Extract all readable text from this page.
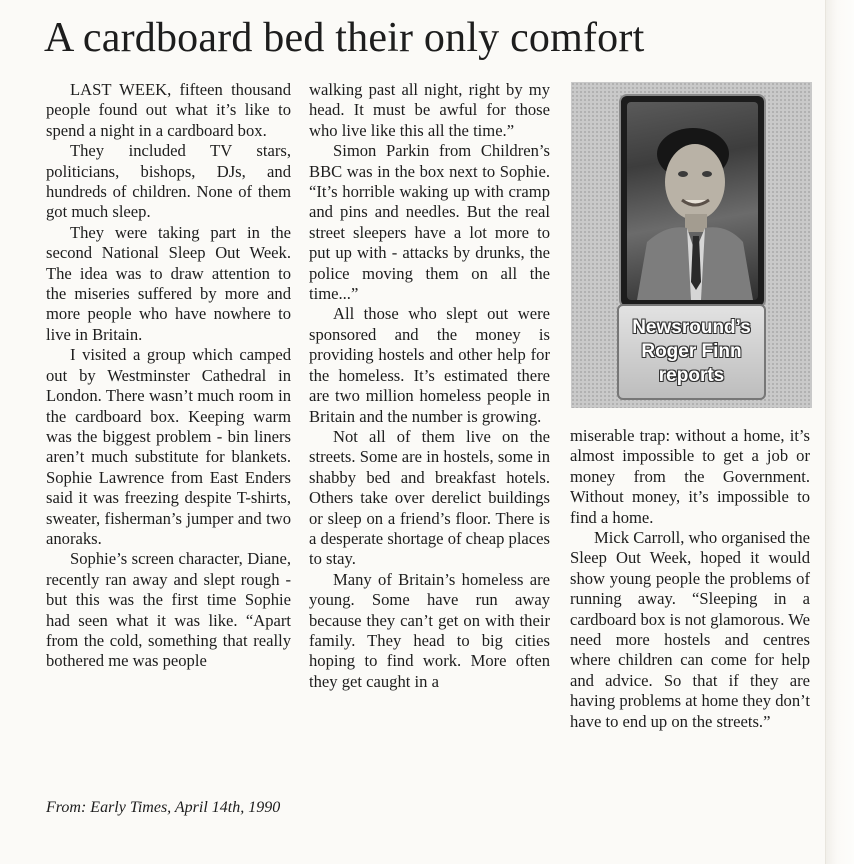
A cardboard bed their only comfort

LAST WEEK, fifteen thousand people found out what it’s like to spend a night in a cardboard box.

They included TV stars, politicians, bishops, DJs, and hundreds of children. None of them got much sleep.

They were taking part in the second National Sleep Out Week. The idea was to draw attention to the miseries suffered by more and more people who have nowhere to live in Britain.

I visited a group which camped out by Westminster Cathedral in London. There wasn’t much room in the cardboard box. Keeping warm was the biggest problem - bin liners aren’t much substitute for blankets. Sophie Lawrence from East Enders said it was freezing despite T-shirts, sweater, fisherman’s jumper and two anoraks.

Sophie’s screen character, Diane, recently ran away and slept rough - but this was the first time Sophie had seen what it was like. “Apart from the cold, something that really bothered me was people

walking past all night, right by my head. It must be awful for those who live like this all the time.”

Simon Parkin from Children’s BBC was in the box next to Sophie. “It’s horrible waking up with cramp and pins and needles. But the real street sleepers have a lot more to put up with - attacks by drunks, the police moving them on all the time...”

All those who slept out were sponsored and the money is providing hostels and other help for the homeless. It’s estimated there are two million homeless people in Britain and the number is growing.

Not all of them live on the streets. Some are in hostels, some in shabby bed and breakfast hotels. Others take over derelict buildings or sleep on a friend’s floor. There is a desperate shortage of cheap places to stay.

Many of Britain’s homeless are young. Some have run away because they can’t get on with their family. They head to big cities hoping to find work. More often they get caught in a

Newsround’s
Roger Finn
reports

miserable trap: without a home, it’s almost impossible to get a job or money from the Government. Without money, it’s impossible to find a home.

Mick Carroll, who organised the Sleep Out Week, hoped it would show young people the problems of running away. “Sleeping in a cardboard box is not glamorous. We need more hostels and centres where children can come for help and advice. So that if they are having problems at home they don’t have to end up on the streets.”

From: Early Times, April 14th, 1990
